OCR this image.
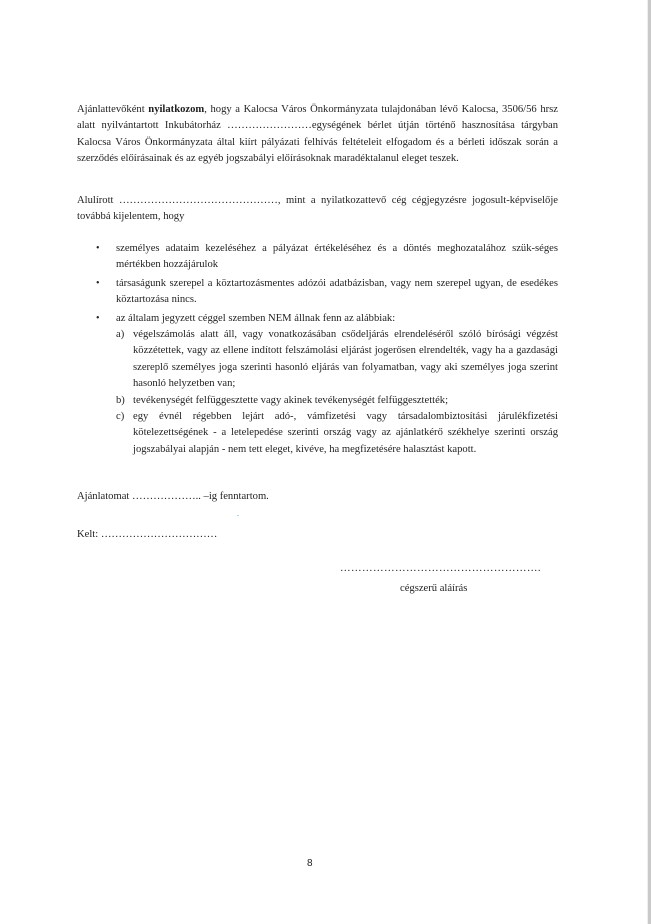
Ajánlattevőként nyilatkozom, hogy a Kalocsa Város Önkormányzata tulajdonában lévő Kalocsa, 3506/56 hrsz alatt nyilvántartott Inkubátorház ……………………egységének bérlet útján történő hasznosítása tárgyban Kalocsa Város Önkormányzata által kiírt pályázati felhívás feltételeit elfogadom és a bérleti időszak során a szerződés előírásainak és az egyéb jogszabályi előírásoknak maradéktalanul eleget teszek.

Alulírott ………………………………………, mint a nyilatkozattevő cég cégjegyzésre jogosult-képviselője továbbá kijelentem, hogy

• személyes adataim kezeléséhez a pályázat értékeléséhez és a döntés meghozatalához szük-séges mértékben hozzájárulok
• társaságunk szerepel a köztartozásmentes adózói adatbázisban, vagy nem szerepel ugyan, de esedékes köztartozása nincs.
• az általam jegyzett céggel szemben NEM állnak fenn az alábbiak:
a) végelszámolás alatt áll, vagy vonatkozásában csődeljárás elrendeléséről szóló bírósági végzést közzétettek, vagy az ellene indított felszámolási eljárást jogerősen elrendelték, vagy ha a gazdasági szereplő személyes joga szerinti hasonló eljárás van folyamatban, vagy aki személyes joga szerint hasonló helyzetben van;
b) tevékenységét felfüggesztette vagy akinek tevékenységét felfüggesztették;
c) egy évnél régebben lejárt adó-, vámfizetési vagy társadalombiztosítási járulékfizetési kötelezettségének - a letelepedése szerinti ország vagy az ajánlatkérő székhelye szerinti ország jogszabályai alapján - nem tett eleget, kivéve, ha megfizetésére halasztást kapott.
Ajánlatomat ……………….. –ig fenntartom.
Kelt: ……………………………
……………………………………………….
cégszerű aláírás
8
